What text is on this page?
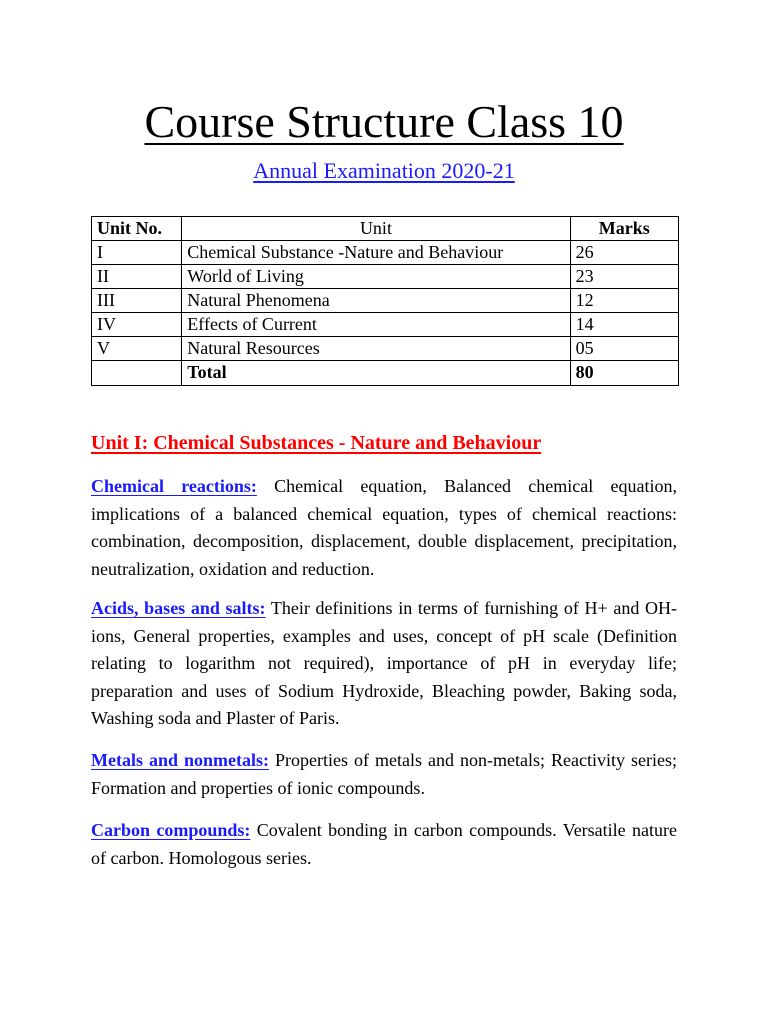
Course Structure Class 10
Annual Examination 2020-21
Unit No.	Unit	Marks
I	Chemical Substance -Nature and Behaviour	26
II	World of Living	23
III	Natural Phenomena	12
IV	Effects of Current	14
V	Natural Resources	05
	Total	80
Unit I: Chemical Substances - Nature and Behaviour

Chemical reactions: Chemical equation, Balanced chemical equation, implications of a balanced chemical equation, types of chemical reactions: combination, decomposition, displacement, double displacement, precipitation, neutralization, oxidation and reduction.

Acids, bases and salts: Their definitions in terms of furnishing of H+ and OH- ions, General properties, examples and uses, concept of pH scale (Definition relating to logarithm not required), importance of pH in everyday life; preparation and uses of Sodium Hydroxide, Bleaching powder, Baking soda, Washing soda and Plaster of Paris.

Metals and nonmetals: Properties of metals and non-metals; Reactivity series; Formation and properties of ionic compounds.

Carbon compounds: Covalent bonding in carbon compounds. Versatile nature of carbon. Homologous series.
